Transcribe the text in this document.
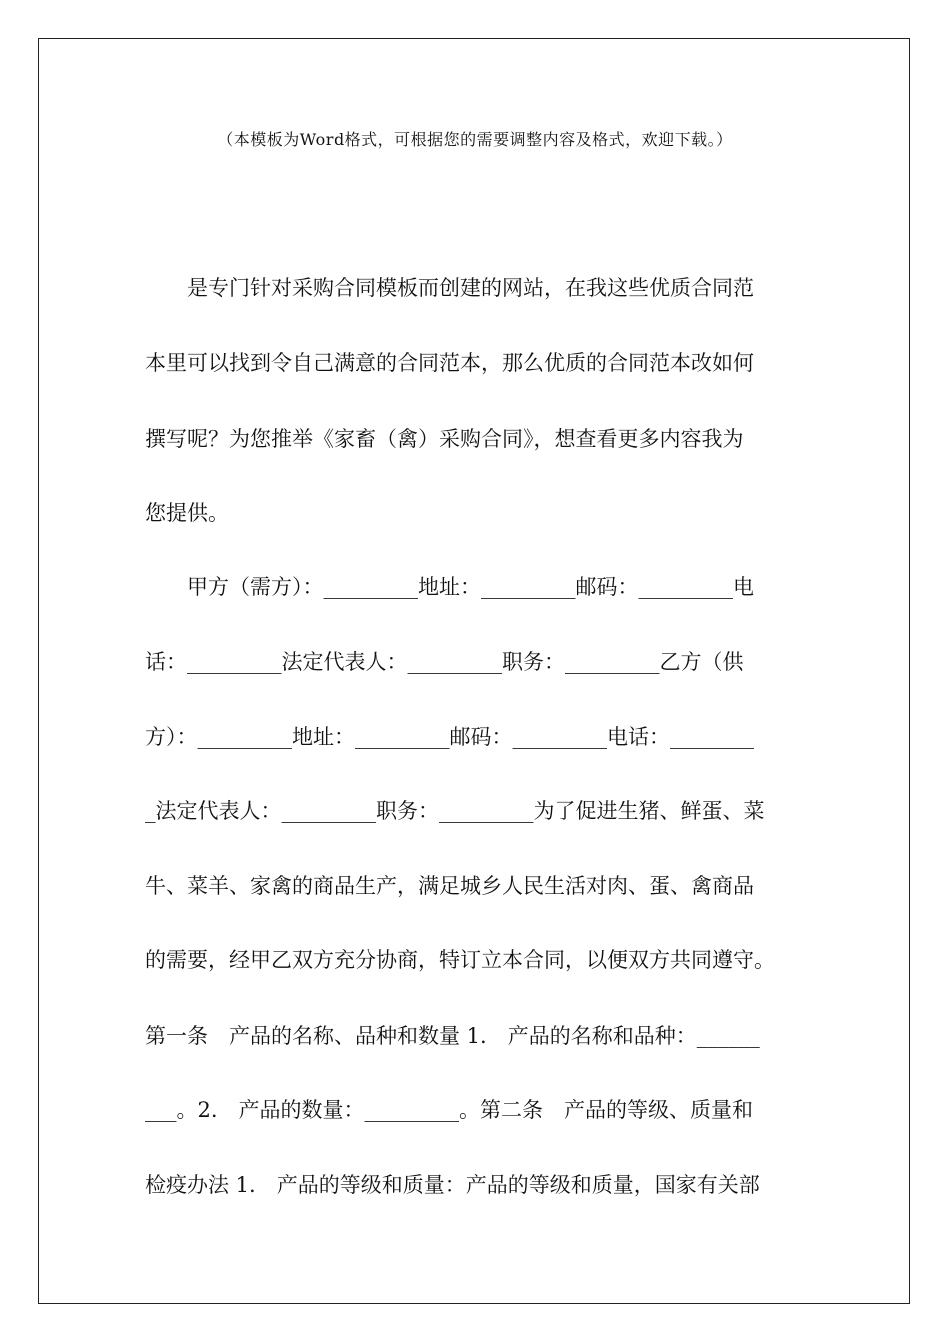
（本模板为Word格式，可根据您的需要调整内容及格式，欢迎下载。）
　　是专门针对采购合同模板而创建的网站，在我这些优质合同范
本里可以找到令自己满意的合同范本，那么优质的合同范本改如何
撰写呢？为您推举《家畜（禽）采购合同》，想查看更多内容我为
您提供。
　　甲方（需方）：_________地址：_________邮码：_________电
话：_________法定代表人：_________职务：_________乙方（供
方）：_________地址：_________邮码：_________电话：________
_法定代表人：_________职务：_________为了促进生猪、鲜蛋、菜
牛、菜羊、家禽的商品生产，满足城乡人民生活对肉、蛋、禽商品
的需要，经甲乙双方充分协商，特订立本合同，以便双方共同遵守。
第一条　产品的名称、品种和数量 1.　产品的名称和品种：______
___。2.　产品的数量：_________。第二条　产品的等级、质量和
检疫办法 1.　产品的等级和质量：产品的等级和质量，国家有关部
